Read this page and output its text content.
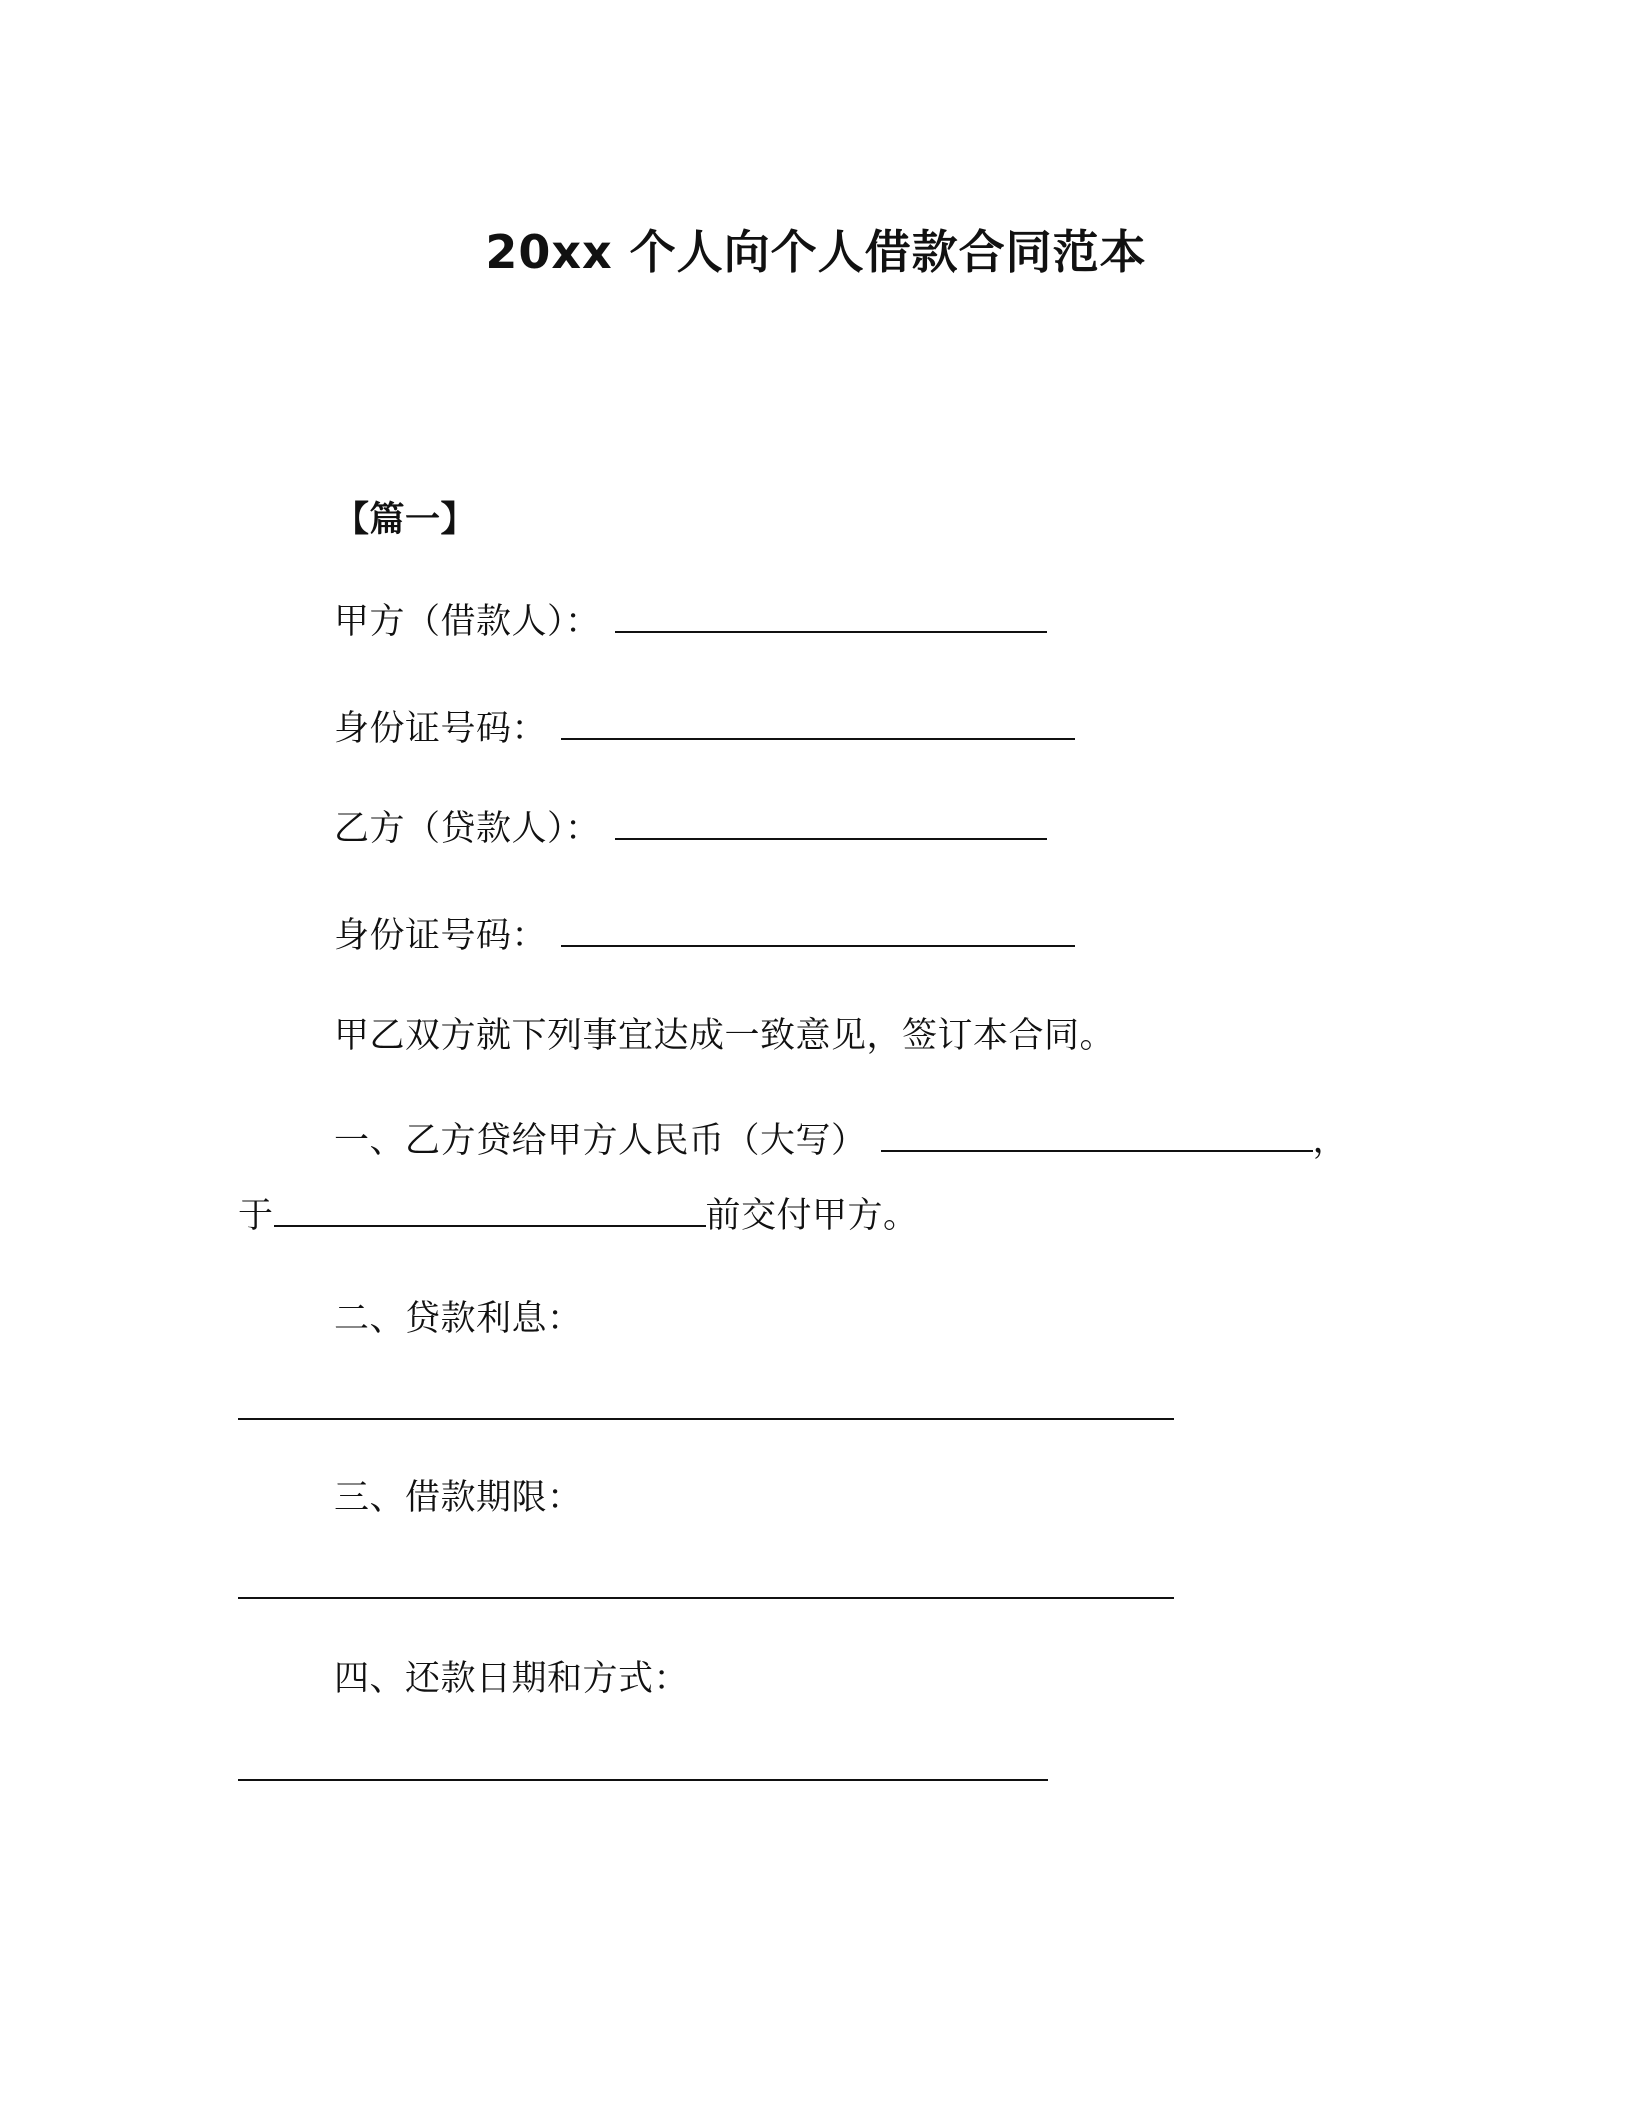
20xx 个人向个人借款合同范本
【篇一】
甲方（借款人）：
身份证号码：
乙方（贷款人）：
身份证号码：
甲乙双方就下列事宜达成一致意见，签订本合同。
一、乙方贷给甲方人民币（大写）	，
于	前交付甲方。
二、贷款利息：
三、借款期限：
四、还款日期和方式：
